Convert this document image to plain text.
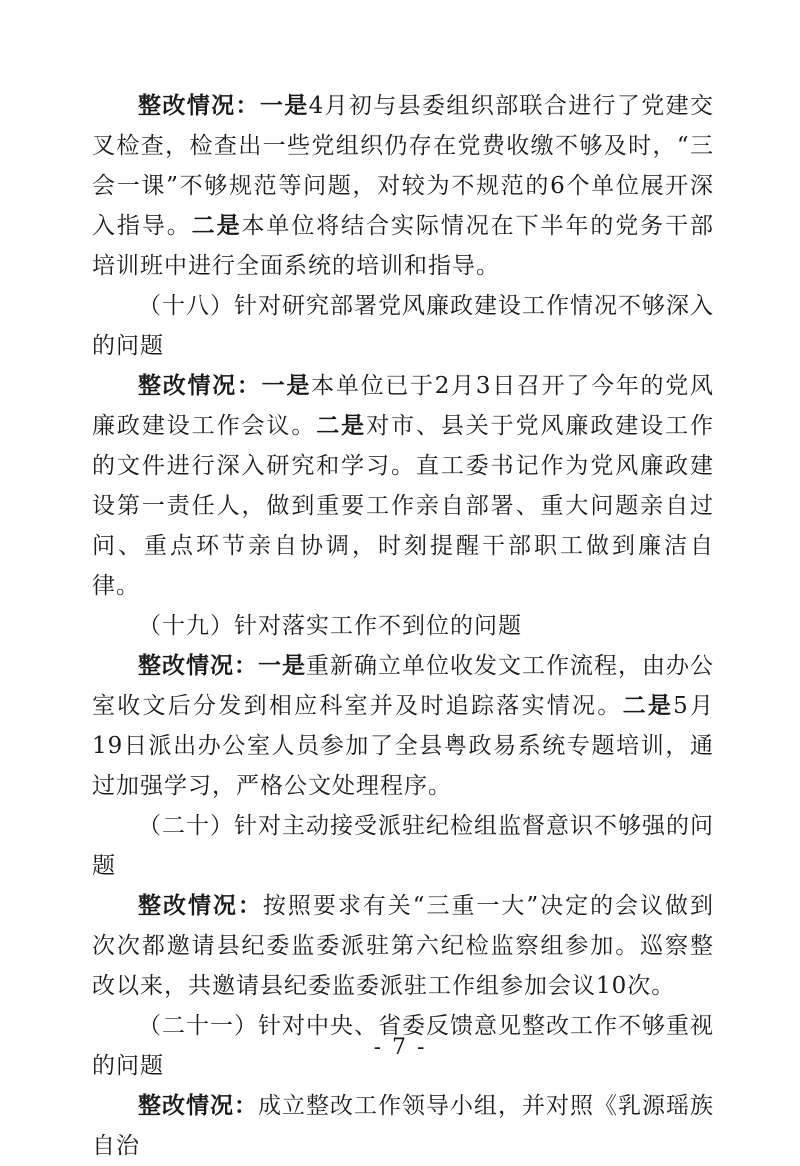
整改情况：一是4月初与县委组织部联合进行了党建交叉检查，检查出一些党组织仍存在党费收缴不够及时，“三会一课”不够规范等问题，对较为不规范的6个单位展开深入指导。二是本单位将结合实际情况在下半年的党务干部培训班中进行全面系统的培训和指导。

（十八）针对研究部署党风廉政建设工作情况不够深入的问题

整改情况：一是本单位已于2月3日召开了今年的党风廉政建设工作会议。二是对市、县关于党风廉政建设工作的文件进行深入研究和学习。直工委书记作为党风廉政建设第一责任人，做到重要工作亲自部署、重大问题亲自过问、重点环节亲自协调，时刻提醒干部职工做到廉洁自律。

（十九）针对落实工作不到位的问题

整改情况：一是重新确立单位收发文工作流程，由办公室收文后分发到相应科室并及时追踪落实情况。二是5月19日派出办公室人员参加了全县粤政易系统专题培训，通过加强学习，严格公文处理程序。

（二十）针对主动接受派驻纪检组监督意识不够强的问题

整改情况：按照要求有关“三重一大”决定的会议做到次次都邀请县纪委监委派驻第六纪检监察组参加。巡察整改以来，共邀请县纪委监委派驻工作组参加会议10次。

（二十一）针对中央、省委反馈意见整改工作不够重视的问题

整改情况：成立整改工作领导小组，并对照《乳源瑶族自治

- 7 -
